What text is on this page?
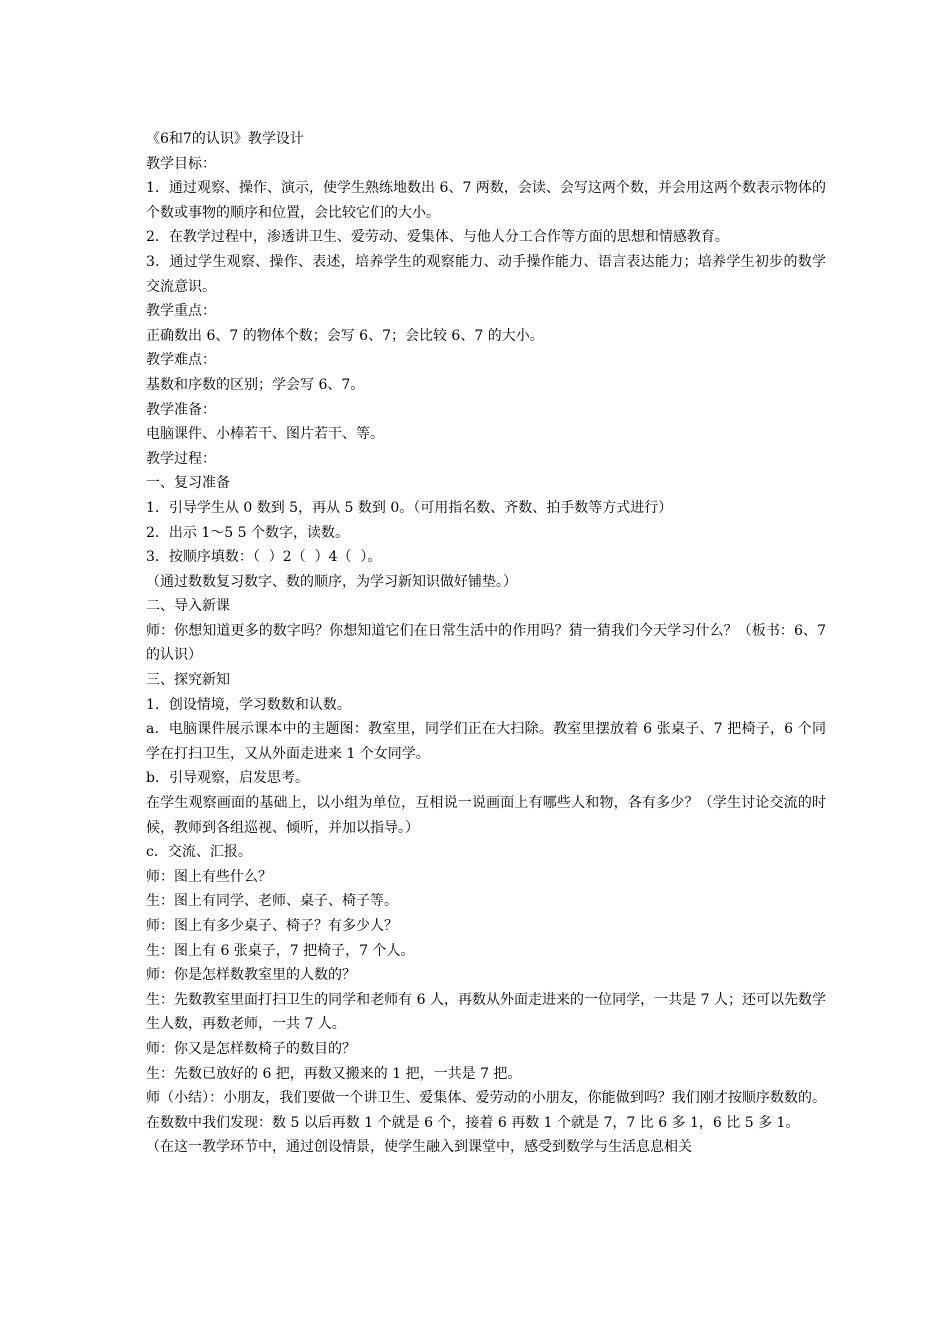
《6和7的认识》教学设计

教学目标：

1．通过观察、操作、演示，使学生熟练地数出 6、7 两数，会读、会写这两个数，并会用这两个数表示物体的个数或事物的顺序和位置，会比较它们的大小。

2．在教学过程中，渗透讲卫生、爱劳动、爱集体、与他人分工合作等方面的思想和情感教育。

3．通过学生观察、操作、表述，培养学生的观察能力、动手操作能力、语言表达能力；培养学生初步的数学交流意识。

教学重点：

正确数出 6、7 的物体个数；会写 6、7；会比较 6、7 的大小。

教学难点：

基数和序数的区别；学会写 6、7。

教学准备：

电脑课件、小棒若干、图片若干、等。

教学过程：

一、复习准备

1．引导学生从 0 数到 5，再从 5 数到 0。（可用指名数、齐数、拍手数等方式进行）

2．出示 1～5 5 个数字，读数。

3．按顺序填数：（  ）2（  ）4（  ）。

（通过数数复习数字、数的顺序，为学习新知识做好铺垫。）

二、导入新课

师：你想知道更多的数字吗？你想知道它们在日常生活中的作用吗？猜一猜我们今天学习什么？（板书：6、7 的认识）

三、探究新知

1．创设情境，学习数数和认数。

a．电脑课件展示课本中的主题图：教室里，同学们正在大扫除。教室里摆放着 6 张桌子、7 把椅子，6 个同学在打扫卫生，又从外面走进来 1 个女同学。

b．引导观察，启发思考。

在学生观察画面的基础上，以小组为单位，互相说一说画面上有哪些人和物，各有多少？（学生讨论交流的时候，教师到各组巡视、倾听，并加以指导。）

c．交流、汇报。

师：图上有些什么？

生：图上有同学、老师、桌子、椅子等。

师：图上有多少桌子、椅子？有多少人？

生：图上有 6 张桌子，7 把椅子，7 个人。

师：你是怎样数教室里的人数的？

生：先数教室里面打扫卫生的同学和老师有 6 人，再数从外面走进来的一位同学，一共是 7 人；还可以先数学生人数，再数老师，一共 7 人。

师：你又是怎样数椅子的数目的？

生：先数已放好的 6 把，再数又搬来的 1 把，一共是 7 把。

师（小结）：小朋友，我们要做一个讲卫生、爱集体、爱劳动的小朋友，你能做到吗？我们刚才按顺序数数的。在数数中我们发现：数 5 以后再数 1 个就是 6 个，接着 6 再数 1 个就是 7，7 比 6 多 1，6 比 5 多 1。

（在这一教学环节中，通过创设情景，使学生融入到课堂中，感受到数学与生活息息相关
